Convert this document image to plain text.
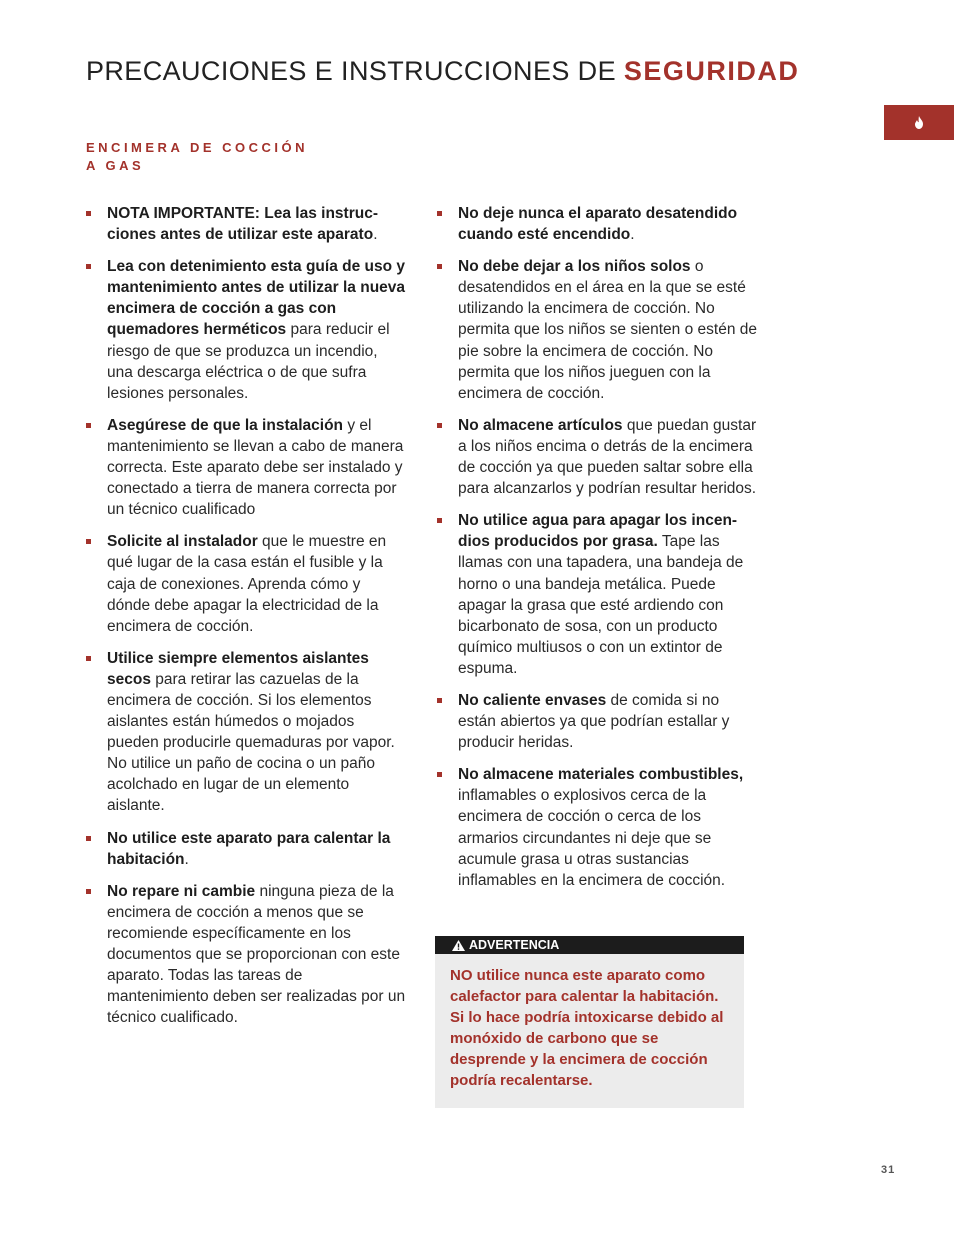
PRECAUCIONES E INSTRUCCIONES DE SEGURIDAD
ENCIMERA DE COCCIÓN
A GAS
NOTA IMPORTANTE: Lea las instruc-ciones antes de utilizar este aparato.
Lea con detenimiento esta guía de uso y mantenimiento antes de utilizar la nueva encimera de cocción a gas con quemadores herméticos para reducir el riesgo de que se produzca un incendio, una descarga eléctrica o de que sufra lesiones personales.
Asegúrese de que la instalación y el mantenimiento se llevan a cabo de manera correcta. Este aparato debe ser instalado y conectado a tierra de manera correcta por un técnico cualificado
Solicite al instalador que le muestre en qué lugar de la casa están el fusible y la caja de conexiones. Aprenda cómo y dónde debe apagar la electricidad de la encimera de cocción.
Utilice siempre elementos aislantes secos para retirar las cazuelas de la encimera de cocción. Si los elementos aislantes están húmedos o mojados pueden producirle quemaduras por vapor. No utilice un paño de cocina o un paño acolchado en lugar de un elemento aislante.
No utilice este aparato para calentar la habitación.
No repare ni cambie ninguna pieza de la encimera de cocción a menos que se recomiende específicamente en los documentos que se proporcionan con este aparato. Todas las tareas de mantenimiento deben ser realizadas por un técnico cualificado.
No deje nunca el aparato desatendido cuando esté encendido.
No debe dejar a los niños solos o desatendidos en el área en la que se esté utilizando la encimera de cocción. No permita que los niños se sienten o estén de pie sobre la encimera de cocción. No permita que los niños jueguen con la encimera de cocción.
No almacene artículos que puedan gustar a los niños encima o detrás de la encimera de cocción ya que pueden saltar sobre ella para alcanzarlos y podrían resultar heridos.
No utilice agua para apagar los incen-dios producidos por grasa. Tape las llamas con una tapadera, una bandeja de horno o una bandeja metálica. Puede apagar la grasa que esté ardiendo con bicarbonato de sosa, con un producto químico multiusos o con un extintor de espuma.
No caliente envases de comida si no están abiertos ya que podrían estallar y producir heridas.
No almacene materiales combustibles, inflamables o explosivos cerca de la encimera de cocción o cerca de los armarios circundantes ni deje que se acumule grasa u otras sustancias inflamables en la encimera de cocción.
ADVERTENCIA
NO utilice nunca este aparato como calefactor para calentar la habitación. Si lo hace podría intoxicarse debido al monóxido de carbono que se desprende y la encimera de cocción podría recalentarse.
31
